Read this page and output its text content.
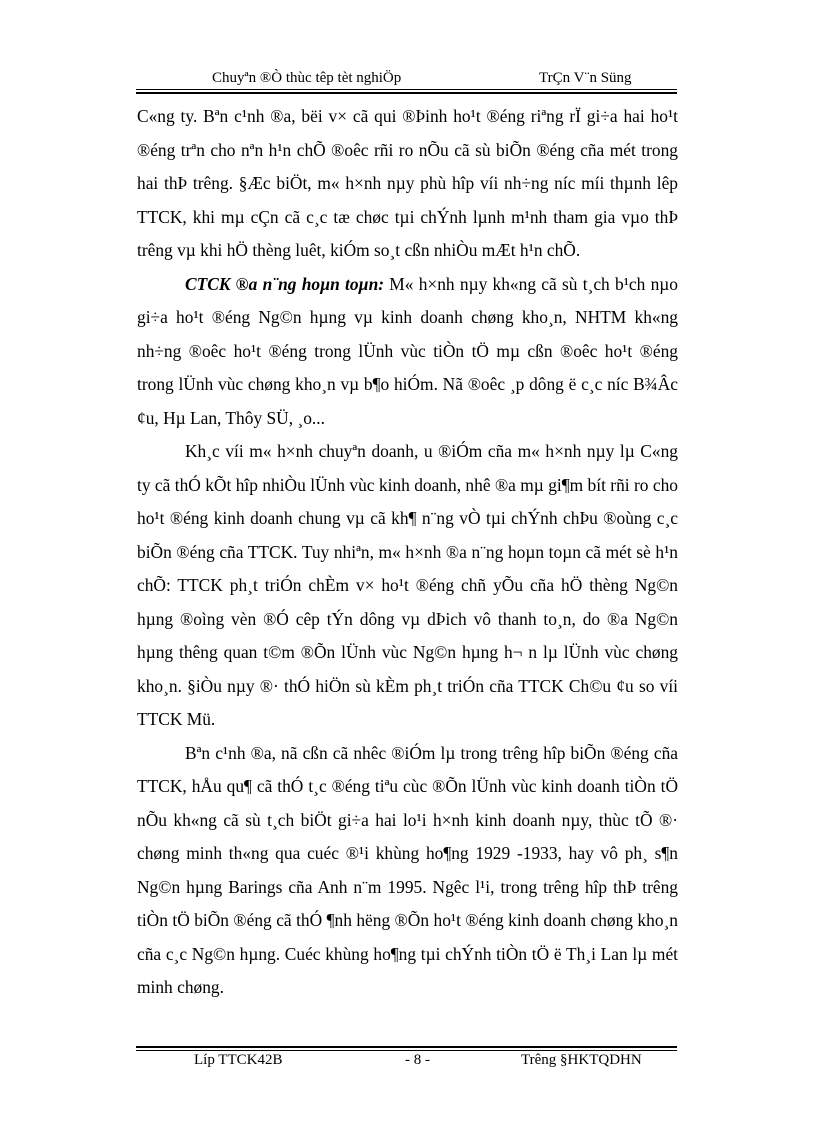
Chuyªn ®Ò thùc têp tèt nghiÖp	TrÇn V¨n Süng

C«ng ty. Bªn c¹nh ®a, bëi v× cã qui ®Þinh ho¹t ®éng riªng rÏ gi÷a hai ho¹t ®éng trªn cho nªn h¹n chÕ ®oêc rñi ro nÕu cã sù biÕn ®éng cña mét trong hai thÞ trêng. §Æc biÖt, m« h×nh nµy phù hîp víi nh÷ng níc míi thµnh lêp TTCK, khi mµ cÇn cã c¸c tæ chøc tµi chÝnh lµnh m¹nh tham gia vµo thÞ trêng vµ khi hÖ thèng luêt, kiÓm so¸t cßn nhiÒu mÆt h¹n chÕ.

CTCK ®a n¨ng hoµn toµn: M« h×nh nµy kh«ng cã sù t¸ch b¹ch nµo gi÷a ho¹t ®éng Ng©n hµng vµ kinh doanh chøng kho¸n, NHTM kh«ng nh÷ng ®oêc ho¹t ®éng trong lÜnh vùc tiÒn tÖ mµ cßn ®oêc ho¹t ®éng trong lÜnh vùc chøng kho¸n vµ b¶o hiÓm. Nã ®oêc ¸p dông ë c¸c níc B¾Âc ¢u, Hµ Lan, Thôy SÜ, ¸o...

Kh¸c víi m« h×nh chuyªn doanh, u ®iÓm cña m« h×nh nµy lµ C«ng ty cã thÓ kÕt hîp nhiÒu lÜnh vùc kinh doanh, nhê ®a mµ gi¶m bít rñi ro cho ho¹t ®éng kinh doanh chung vµ cã kh¶ n¨ng vÒ tµi chÝnh chÞu ®oùng c¸c biÕn ®éng cña TTCK. Tuy nhiªn, m« h×nh ®a n¨ng hoµn toµn cã mét sè h¹n chÕ: TTCK ph¸t triÓn chÈm v× ho¹t ®éng chñ yÕu cña hÖ thèng Ng©n hµng ®oìng vèn ®Ó cêp tÝn dông vµ dÞich vô thanh to¸n, do ®a Ng©n hµng thêng quan t©m ®Õn lÜnh vùc Ng©n hµng h¬ n lµ lÜnh vùc chøng kho¸n. §iÒu nµy ®· thÓ hiÖn sù kÈm ph¸t triÓn cña TTCK Ch©u ¢u so víi TTCK Mü.

Bªn c¹nh ®a, nã cßn cã nhêc ®iÓm lµ trong trêng hîp biÕn ®éng cña TTCK, hÅu qu¶ cã thÓ t¸c ®éng tiªu cùc ®Õn lÜnh vùc kinh doanh tiÒn tÖ nÕu kh«ng cã sù t¸ch biÖt gi÷a hai lo¹i h×nh kinh doanh nµy, thùc tÕ ®· chøng minh th«ng qua cuéc ®¹i khùng ho¶ng 1929 -1933, hay vô ph¸ s¶n Ng©n hµng Barings cña Anh n¨m 1995. Ngêc l¹i, trong trêng hîp thÞ trêng tiÒn tÖ biÕn ®éng cã thÓ ¶nh hëng ®Õn ho¹t ®éng kinh doanh chøng kho¸n cña c¸c Ng©n hµng. Cuéc khùng ho¶ng tµi chÝnh tiÒn tÖ ë Th¸i Lan lµ mét minh chøng.

Líp TTCK42B	- 8 -	Trêng §HKTQDHN
